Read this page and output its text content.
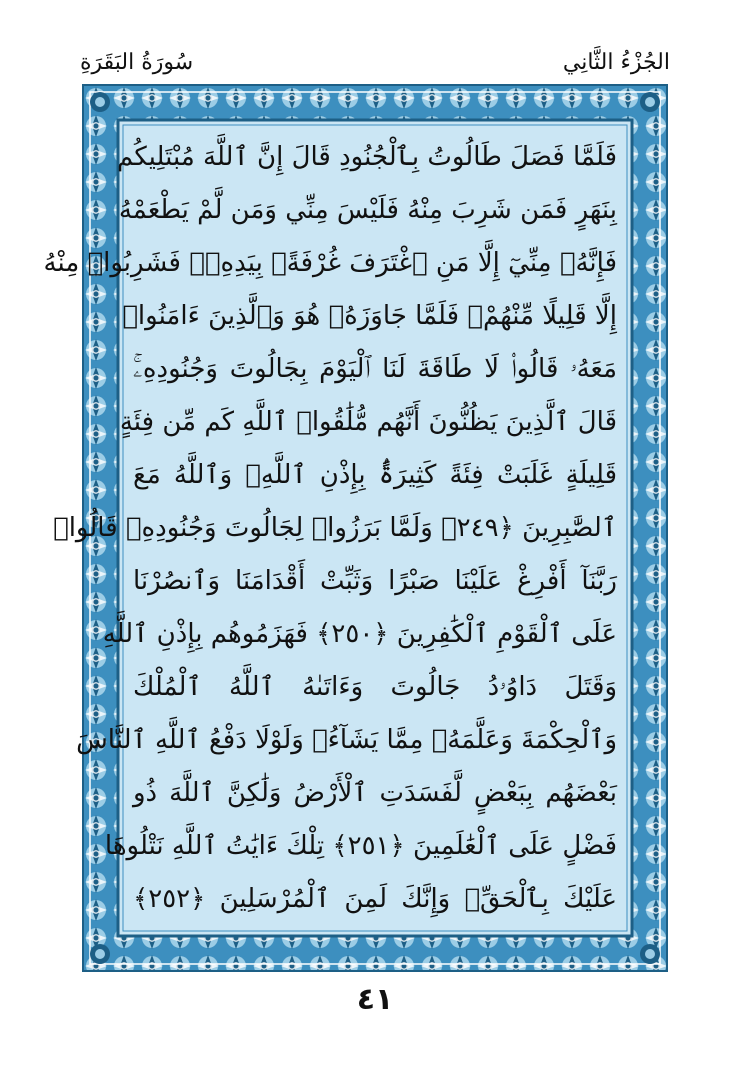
سُورَةُ البَقَرَةِ	الجُزْءُ الثَّانِي
فَلَمَّا فَصَلَ طَالُوتُ بِٱلْجُنُودِ قَالَ إِنَّ ٱللَّهَ مُبْتَلِيكُم
بِنَهَرٍ فَمَن شَرِبَ مِنْهُ فَلَيْسَ مِنِّي وَمَن لَّمْ يَطْعَمْهُ
فَإِنَّهُۥ مِنِّيٓ إِلَّا مَنِ ٱغْتَرَفَ غُرْفَةًۢ بِيَدِهِۦۚ فَشَرِبُوا۟ مِنْهُ
إِلَّا قَلِيلًا مِّنْهُمْۚ فَلَمَّا جَاوَزَهُۥ هُوَ وَٱلَّذِينَ ءَامَنُوا۟
مَعَهُۥ قَالُوا۟ لَا طَاقَةَ لَنَا ٱلْيَوْمَ بِجَالُوتَ وَجُنُودِهِۦۚ
قَالَ ٱلَّذِينَ يَظُنُّونَ أَنَّهُم مُّلَٰقُوا۟ ٱللَّهِ كَم مِّن فِئَةٍ
قَلِيلَةٍ غَلَبَتْ فِئَةً كَثِيرَةًۢ بِإِذْنِ ٱللَّهِۗ وَٱللَّهُ مَعَ
ٱلصَّٰبِرِينَ ﴿٢٤٩﴾ وَلَمَّا بَرَزُوا۟ لِجَالُوتَ وَجُنُودِهِۦ قَالُوا۟
رَبَّنَآ أَفْرِغْ عَلَيْنَا صَبْرًا وَثَبِّتْ أَقْدَامَنَا وَٱنصُرْنَا
عَلَى ٱلْقَوْمِ ٱلْكَٰفِرِينَ ﴿٢٥٠﴾ فَهَزَمُوهُم بِإِذْنِ ٱللَّهِ
وَقَتَلَ دَاوُۥدُ جَالُوتَ وَءَاتَىٰهُ ٱللَّهُ ٱلْمُلْكَ
وَٱلْحِكْمَةَ وَعَلَّمَهُۥ مِمَّا يَشَآءُۗ وَلَوْلَا دَفْعُ ٱللَّهِ ٱلنَّاسَ
بَعْضَهُم بِبَعْضٍ لَّفَسَدَتِ ٱلْأَرْضُ وَلَٰكِنَّ ٱللَّهَ ذُو
فَضْلٍ عَلَى ٱلْعَٰلَمِينَ ﴿٢٥١﴾ تِلْكَ ءَايَٰتُ ٱللَّهِ نَتْلُوهَا
عَلَيْكَ بِٱلْحَقِّۚ وَإِنَّكَ لَمِنَ ٱلْمُرْسَلِينَ ﴿٢٥٢﴾
٤١
